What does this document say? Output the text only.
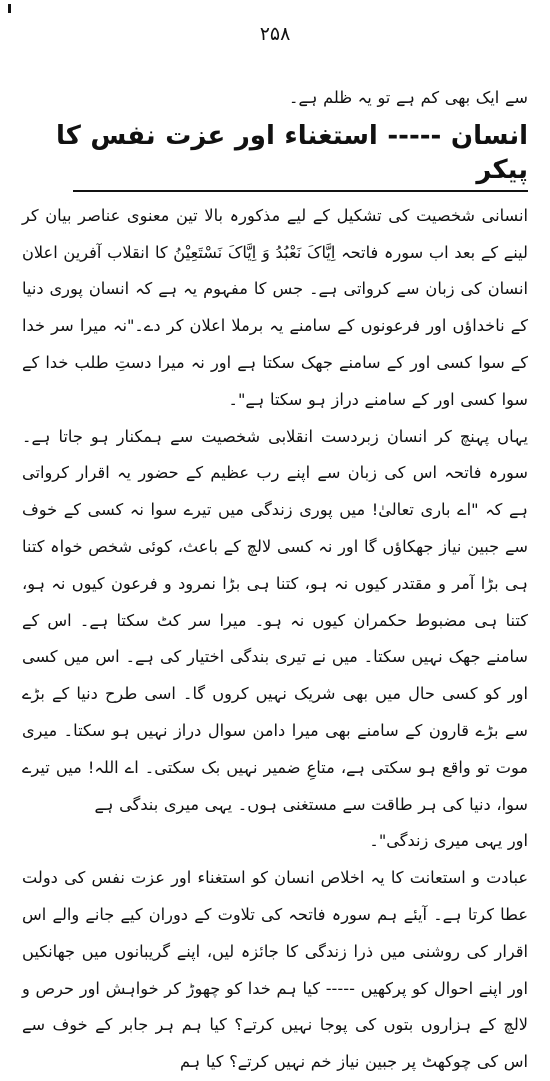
۲۵۸

سے ایک بھی کم ہے تو یہ ظلم ہے۔

انسان ----- استغناء اور عزت نفس کا پیکر

انسانی شخصیت کی تشکیل کے لیے مذکورہ بالا تین معنوی عناصر بیان کر لینے کے بعد اب سورہ فاتحہ اِیَّاکَ نَعْبُدُ وَ اِیَّاکَ نَسْتَعِیْنُ کا انقلاب آفرین اعلان انسان کی زبان سے کرواتی ہے۔ جس کا مفہوم یہ ہے کہ انسان پوری دنیا کے ناخداؤں اور فرعونوں کے سامنے یہ برملا اعلان کر دے۔"نہ میرا سر خدا کے سوا کسی اور کے سامنے جھک سکتا ہے اور نہ میرا دستِ طلب خدا کے سوا کسی اور کے سامنے دراز ہو سکتا ہے"۔

یہاں پہنچ کر انسان زبردست انقلابی شخصیت سے ہمکنار ہو جاتا ہے۔ سورہ فاتحہ اس کی زبان سے اپنے رب عظیم کے حضور یہ اقرار کرواتی ہے کہ "اے باری تعالیٰ! میں پوری زندگی میں تیرے سوا نہ کسی کے خوف سے جبین نیاز جھکاؤں گا اور نہ کسی لالچ کے باعث، کوئی شخص خواہ کتنا ہی بڑا آمر و مقتدر کیوں نہ ہو، کتنا ہی بڑا نمرود و فرعون کیوں نہ ہو، کتنا ہی مضبوط حکمران کیوں نہ ہو۔ میرا سر کٹ سکتا ہے۔ اس کے سامنے جھک نہیں سکتا۔ میں نے تیری بندگی اختیار کی ہے۔ اس میں کسی اور کو کسی حال میں بھی شریک نہیں کروں گا۔ اسی طرح دنیا کے بڑے سے بڑے قارون کے سامنے بھی میرا دامن سوال دراز نہیں ہو سکتا۔ میری موت تو واقع ہو سکتی ہے، متاعِ ضمیر نہیں بک سکتی۔ اے اللہ! میں تیرے سوا، دنیا کی ہر طاقت سے مستغنی ہوں۔ یہی میری بندگی ہے

اور یہی میری زندگی"۔

عبادت و استعانت کا یہ اخلاص انسان کو استغناء اور عزت نفس کی دولت عطا کرتا ہے۔ آیئے ہم سورہ فاتحہ کی تلاوت کے دوران کیے جانے والے اس اقرار کی روشنی میں ذرا زندگی کا جائزہ لیں، اپنے گریبانوں میں جھانکیں اور اپنے احوال کو پرکھیں ----- کیا ہم خدا کو چھوڑ کر خواہش اور حرص و لالچ کے ہزاروں بتوں کی پوجا نہیں کرتے؟ کیا ہم ہر جابر کے خوف سے اس کی چوکھٹ پر جبین نیاز خم نہیں کرتے؟ کیا ہم
